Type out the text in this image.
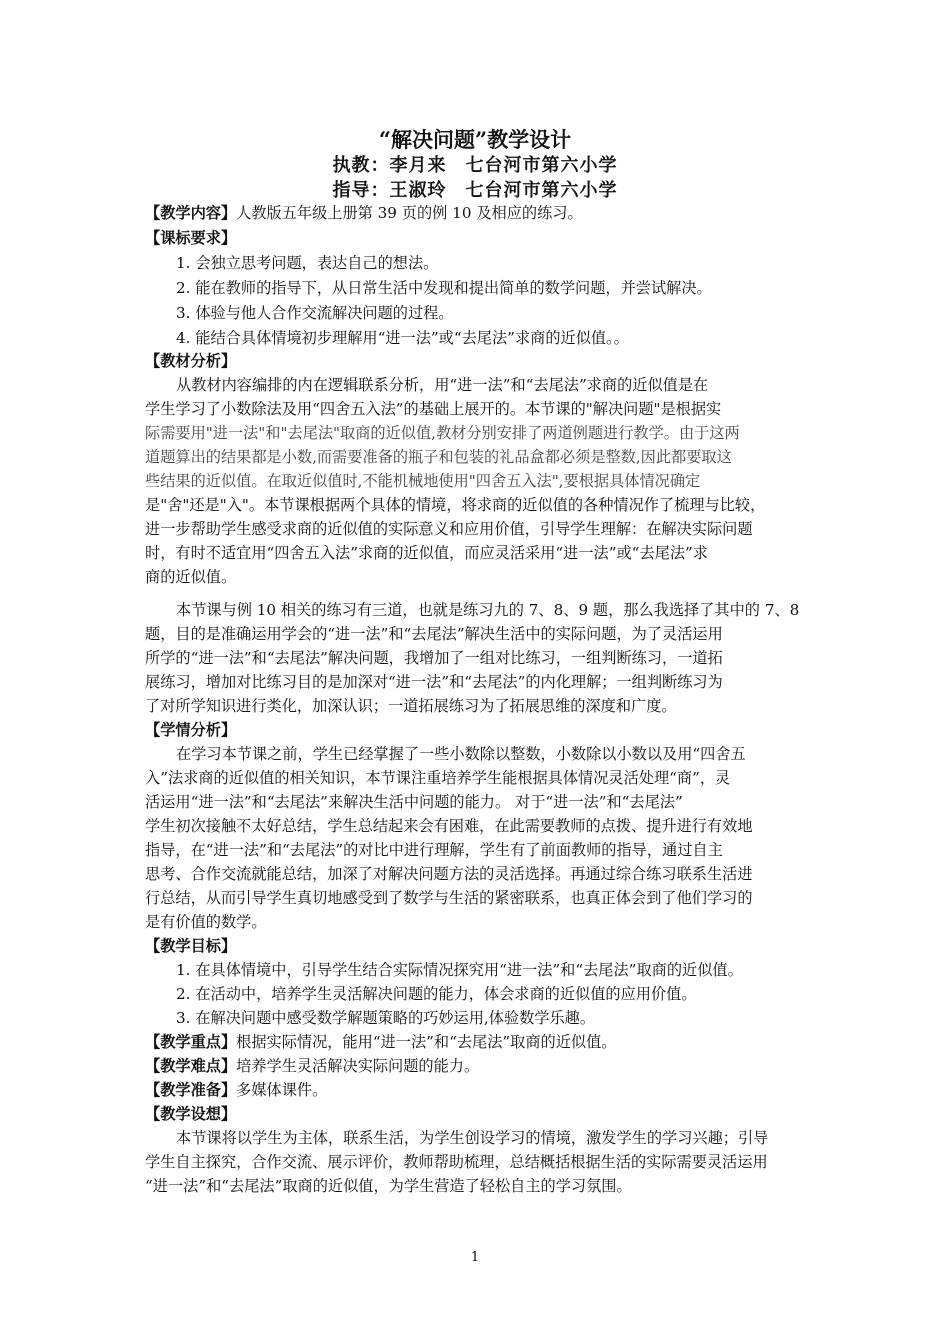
“解决问题”教学设计
执教：李月来　七台河市第六小学
指导：王淑玲　七台河市第六小学
【教学内容】人教版五年级上册第 39 页的例 10 及相应的练习。
【课标要求】
1. 会独立思考问题，表达自己的想法。
2. 能在教师的指导下，从日常生活中发现和提出简单的数学问题，并尝试解决。
3. 体验与他人合作交流解决问题的过程。
4. 能结合具体情境初步理解用“进一法”或“去尾法”求商的近似值。。
【教材分析】
从教材内容编排的内在逻辑联系分析，用“进一法”和“去尾法”求商的近似值是在
学生学习了小数除法及用“四舍五入法”的基础上展开的。本节课的"解决问题"是根据实
际需要用"进一法"和"去尾法"取商的近似值,教材分别安排了两道例题进行教学。由于这两
道题算出的结果都是小数,而需要准备的瓶子和包装的礼品盒都必须是整数,因此都要取这
些结果的近似值。在取近似值时,不能机械地使用"四舍五入法",要根据具体情况确定
是"舍"还是"入"。本节课根据两个具体的情境，将求商的近似值的各种情况作了梳理与比较，
进一步帮助学生感受求商的近似值的实际意义和应用价值，引导学生理解：在解决实际问题
时，有时不适宜用“四舍五入法”求商的近似值，而应灵活采用“进一法”或“去尾法”求
商的近似值。
本节课与例 10 相关的练习有三道，也就是练习九的 7、8、9 题，那么我选择了其中的 7、8
题，目的是准确运用学会的“进一法”和“去尾法”解决生活中的实际问题，为了灵活运用
所学的“进一法”和“去尾法”解决问题，我增加了一组对比练习，一组判断练习，一道拓
展练习，增加对比练习目的是加深对“进一法”和“去尾法”的内化理解；一组判断练习为
了对所学知识进行类化，加深认识；一道拓展练习为了拓展思维的深度和广度。
【学情分析】
在学习本节课之前，学生已经掌握了一些小数除以整数，小数除以小数以及用“四舍五
入”法求商的近似值的相关知识，本节课注重培养学生能根据具体情况灵活处理“商”，灵
活运用“进一法”和“去尾法”来解决生活中问题的能力。 对于“进一法”和“去尾法”
学生初次接触不太好总结，学生总结起来会有困难，在此需要教师的点拨、提升进行有效地
指导，在“进一法”和“去尾法”的对比中进行理解，学生有了前面教师的指导，通过自主
思考、合作交流就能总结，加深了对解决问题方法的灵活选择。再通过综合练习联系生活进
行总结，从而引导学生真切地感受到了数学与生活的紧密联系，也真正体会到了他们学习的
是有价值的数学。
【教学目标】
1. 在具体情境中，引导学生结合实际情况探究用“进一法”和“去尾法”取商的近似值。
2. 在活动中，培养学生灵活解决问题的能力，体会求商的近似值的应用价值。
3. 在解决问题中感受数学解题策略的巧妙运用,体验数学乐趣。
【教学重点】根据实际情况，能用“进一法”和“去尾法”取商的近似值。
【教学难点】培养学生灵活解决实际问题的能力。
【教学准备】多媒体课件。
【教学设想】
本节课将以学生为主体，联系生活，为学生创设学习的情境，激发学生的学习兴趣；引导
学生自主探究，合作交流、展示评价，教师帮助梳理，总结概括根据生活的实际需要灵活运用
“进一法”和“去尾法”取商的近似值，为学生营造了轻松自主的学习氛围。
1
